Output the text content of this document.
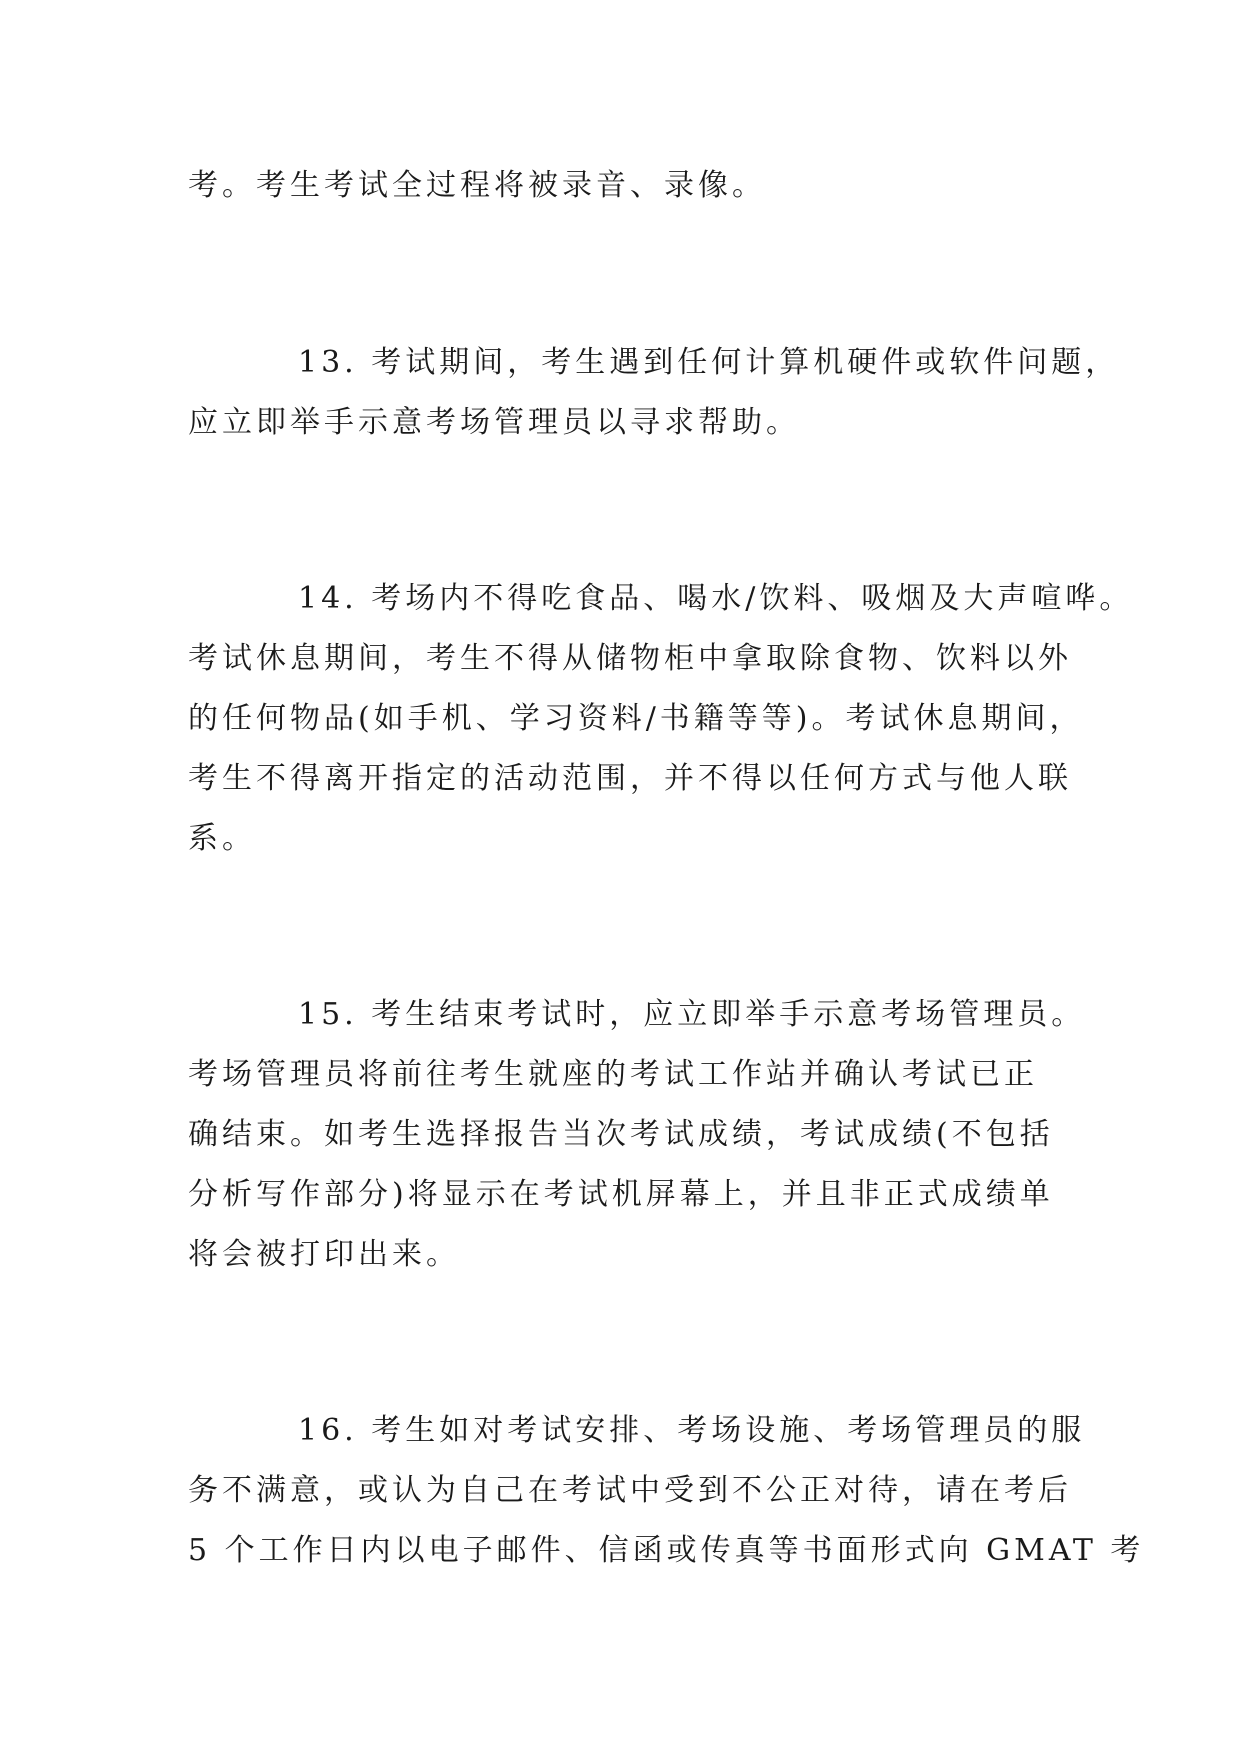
考。考生考试全过程将被录音、录像。
13. 考试期间，考生遇到任何计算机硬件或软件问题，
应立即举手示意考场管理员以寻求帮助。
14. 考场内不得吃食品、喝水/饮料、吸烟及大声喧哗。
考试休息期间，考生不得从储物柜中拿取除食物、饮料以外
的任何物品(如手机、学习资料/书籍等等)。考试休息期间，
考生不得离开指定的活动范围，并不得以任何方式与他人联
系。
15. 考生结束考试时，应立即举手示意考场管理员。
考场管理员将前往考生就座的考试工作站并确认考试已正
确结束。如考生选择报告当次考试成绩，考试成绩(不包括
分析写作部分)将显示在考试机屏幕上，并且非正式成绩单
将会被打印出来。
16. 考生如对考试安排、考场设施、考场管理员的服
务不满意，或认为自己在考试中受到不公正对待，请在考后
5 个工作日内以电子邮件、信函或传真等书面形式向 GMAT 考
